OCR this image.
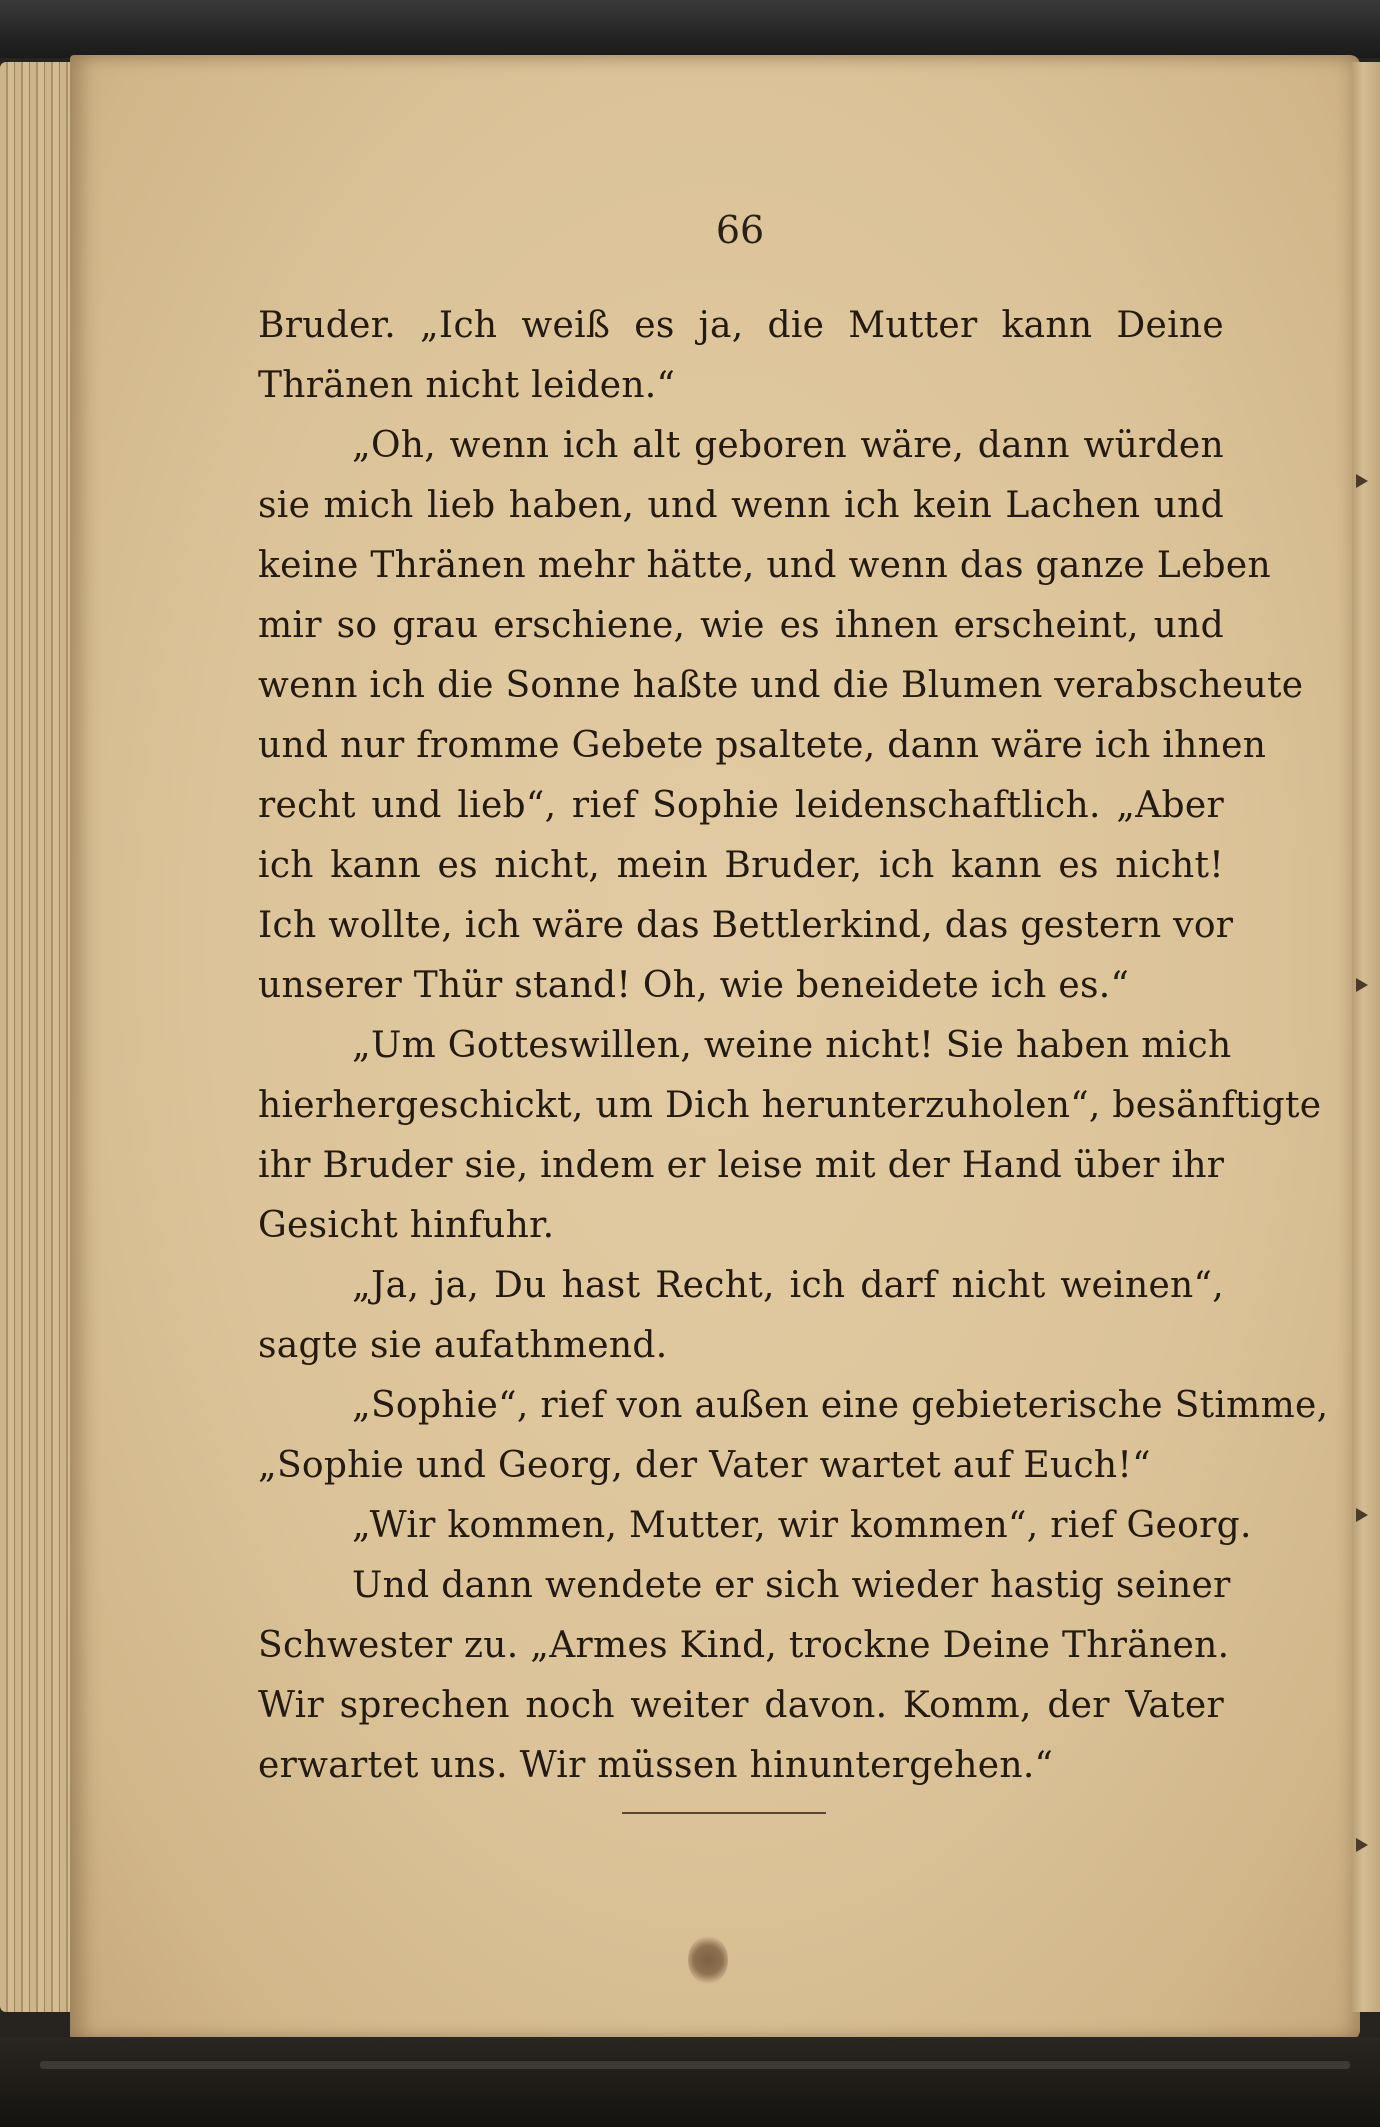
66
Bruder. „Ich weiß es ja, die Mutter kann Deine
Thränen nicht leiden.“
„Oh, wenn ich alt geboren wäre, dann würden
sie mich lieb haben, und wenn ich kein Lachen und
keine Thränen mehr hätte, und wenn das ganze Leben
mir so grau erschiene, wie es ihnen erscheint, und
wenn ich die Sonne haßte und die Blumen verabscheute
und nur fromme Gebete psaltete, dann wäre ich ihnen
recht und lieb“, rief Sophie leidenschaftlich. „Aber
ich kann es nicht, mein Bruder, ich kann es nicht!
Ich wollte, ich wäre das Bettlerkind, das gestern vor
unserer Thür stand! Oh, wie beneidete ich es.“
„Um Gotteswillen, weine nicht! Sie haben mich
hierhergeschickt, um Dich herunterzuholen“, besänftigte
ihr Bruder sie, indem er leise mit der Hand über ihr
Gesicht hinfuhr.
„Ja, ja, Du hast Recht, ich darf nicht weinen“,
sagte sie aufathmend.
„Sophie“, rief von außen eine gebieterische Stimme,
„Sophie und Georg, der Vater wartet auf Euch!“
„Wir kommen, Mutter, wir kommen“, rief Georg.
Und dann wendete er sich wieder hastig seiner
Schwester zu. „Armes Kind, trockne Deine Thränen.
Wir sprechen noch weiter davon. Komm, der Vater
erwartet uns. Wir müssen hinuntergehen.“
